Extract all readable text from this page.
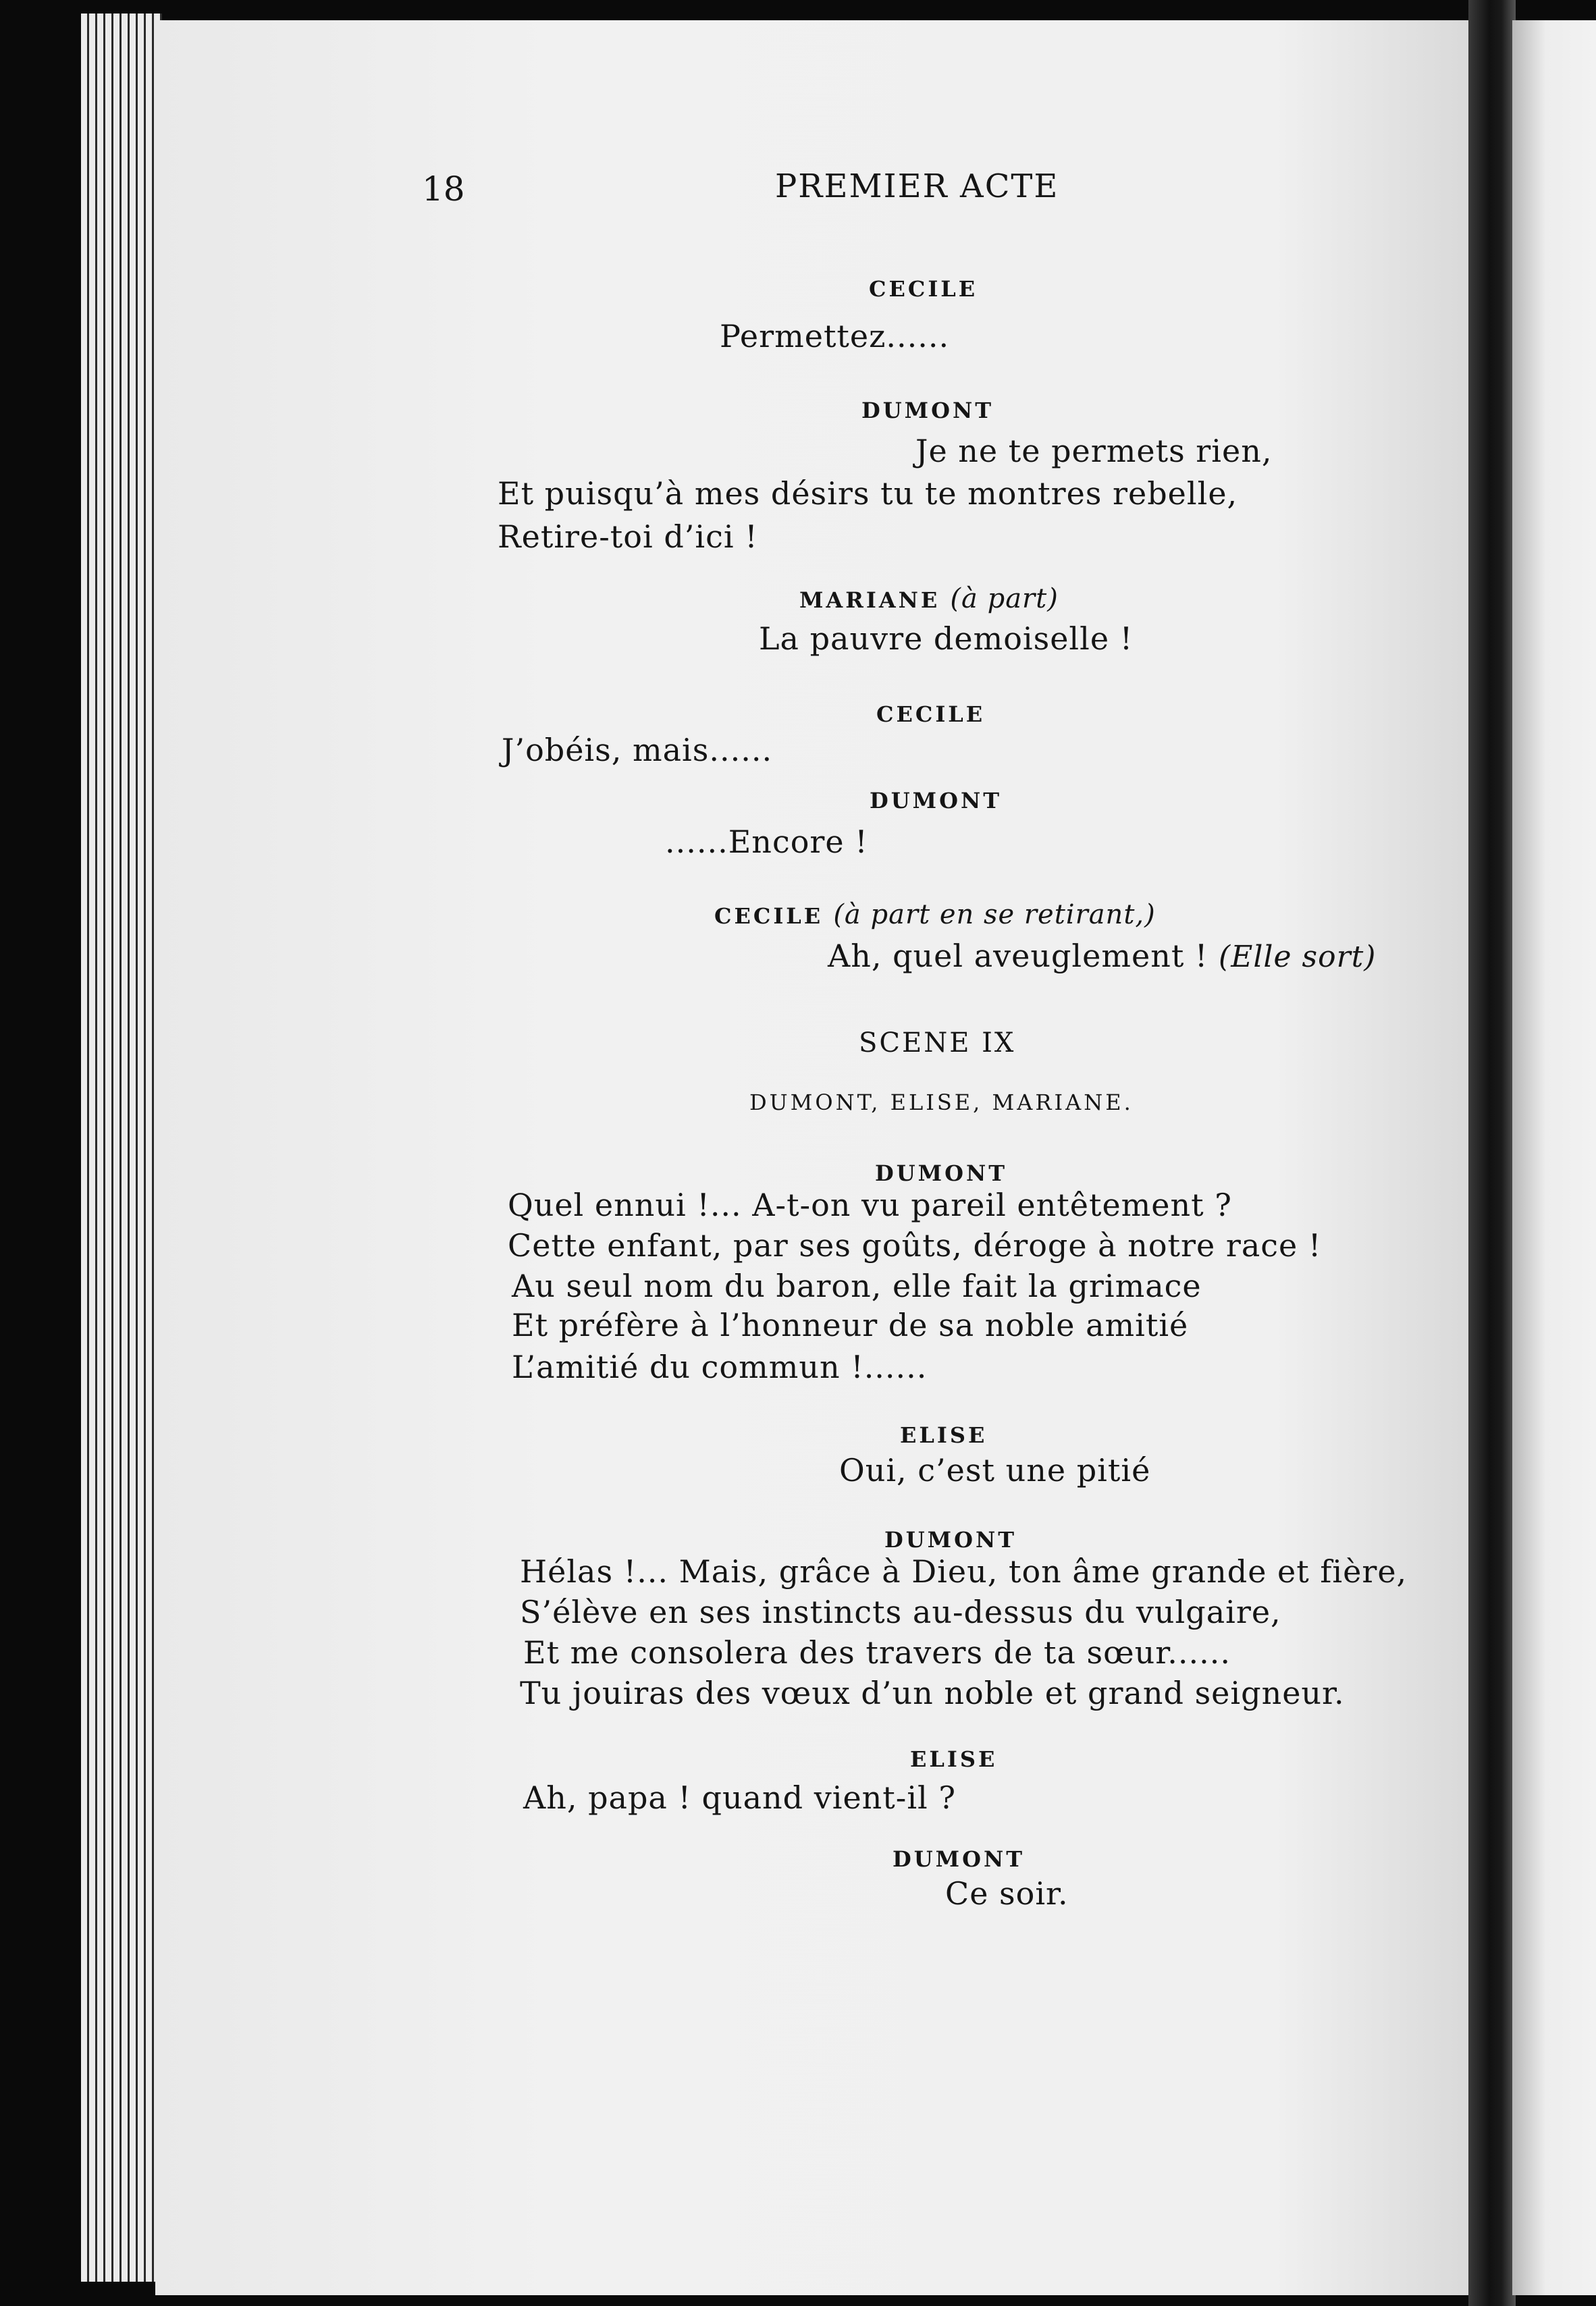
18	PREMIER ACTE
CECILE
Permettez......
DUMONT
Je ne te permets rien,
Et puisqu’à mes désirs tu te montres rebelle,
Retire-toi d’ici !
MARIANE (à part)
La pauvre demoiselle !
CECILE
J’obéis, mais......
DUMONT
......Encore !
CECILE (à part en se retirant,)
Ah, quel aveuglement ! (Elle sort)
SCENE IX
DUMONT, ELISE, MARIANE.
DUMONT
Quel ennui !... A-t-on vu pareil entêtement ?
Cette enfant, par ses goûts, déroge à notre race !
Au seul nom du baron, elle fait la grimace
Et préfère à l’honneur de sa noble amitié
L’amitié du commun !......
ELISE
Oui, c’est une pitié
DUMONT
Hélas !... Mais, grâce à Dieu, ton âme grande et fière,
S’élève en ses instincts au-dessus du vulgaire,
Et me consolera des travers de ta sœur......
Tu jouiras des vœux d’un noble et grand seigneur.
ELISE
Ah, papa ! quand vient-il ?
DUMONT
Ce soir.
